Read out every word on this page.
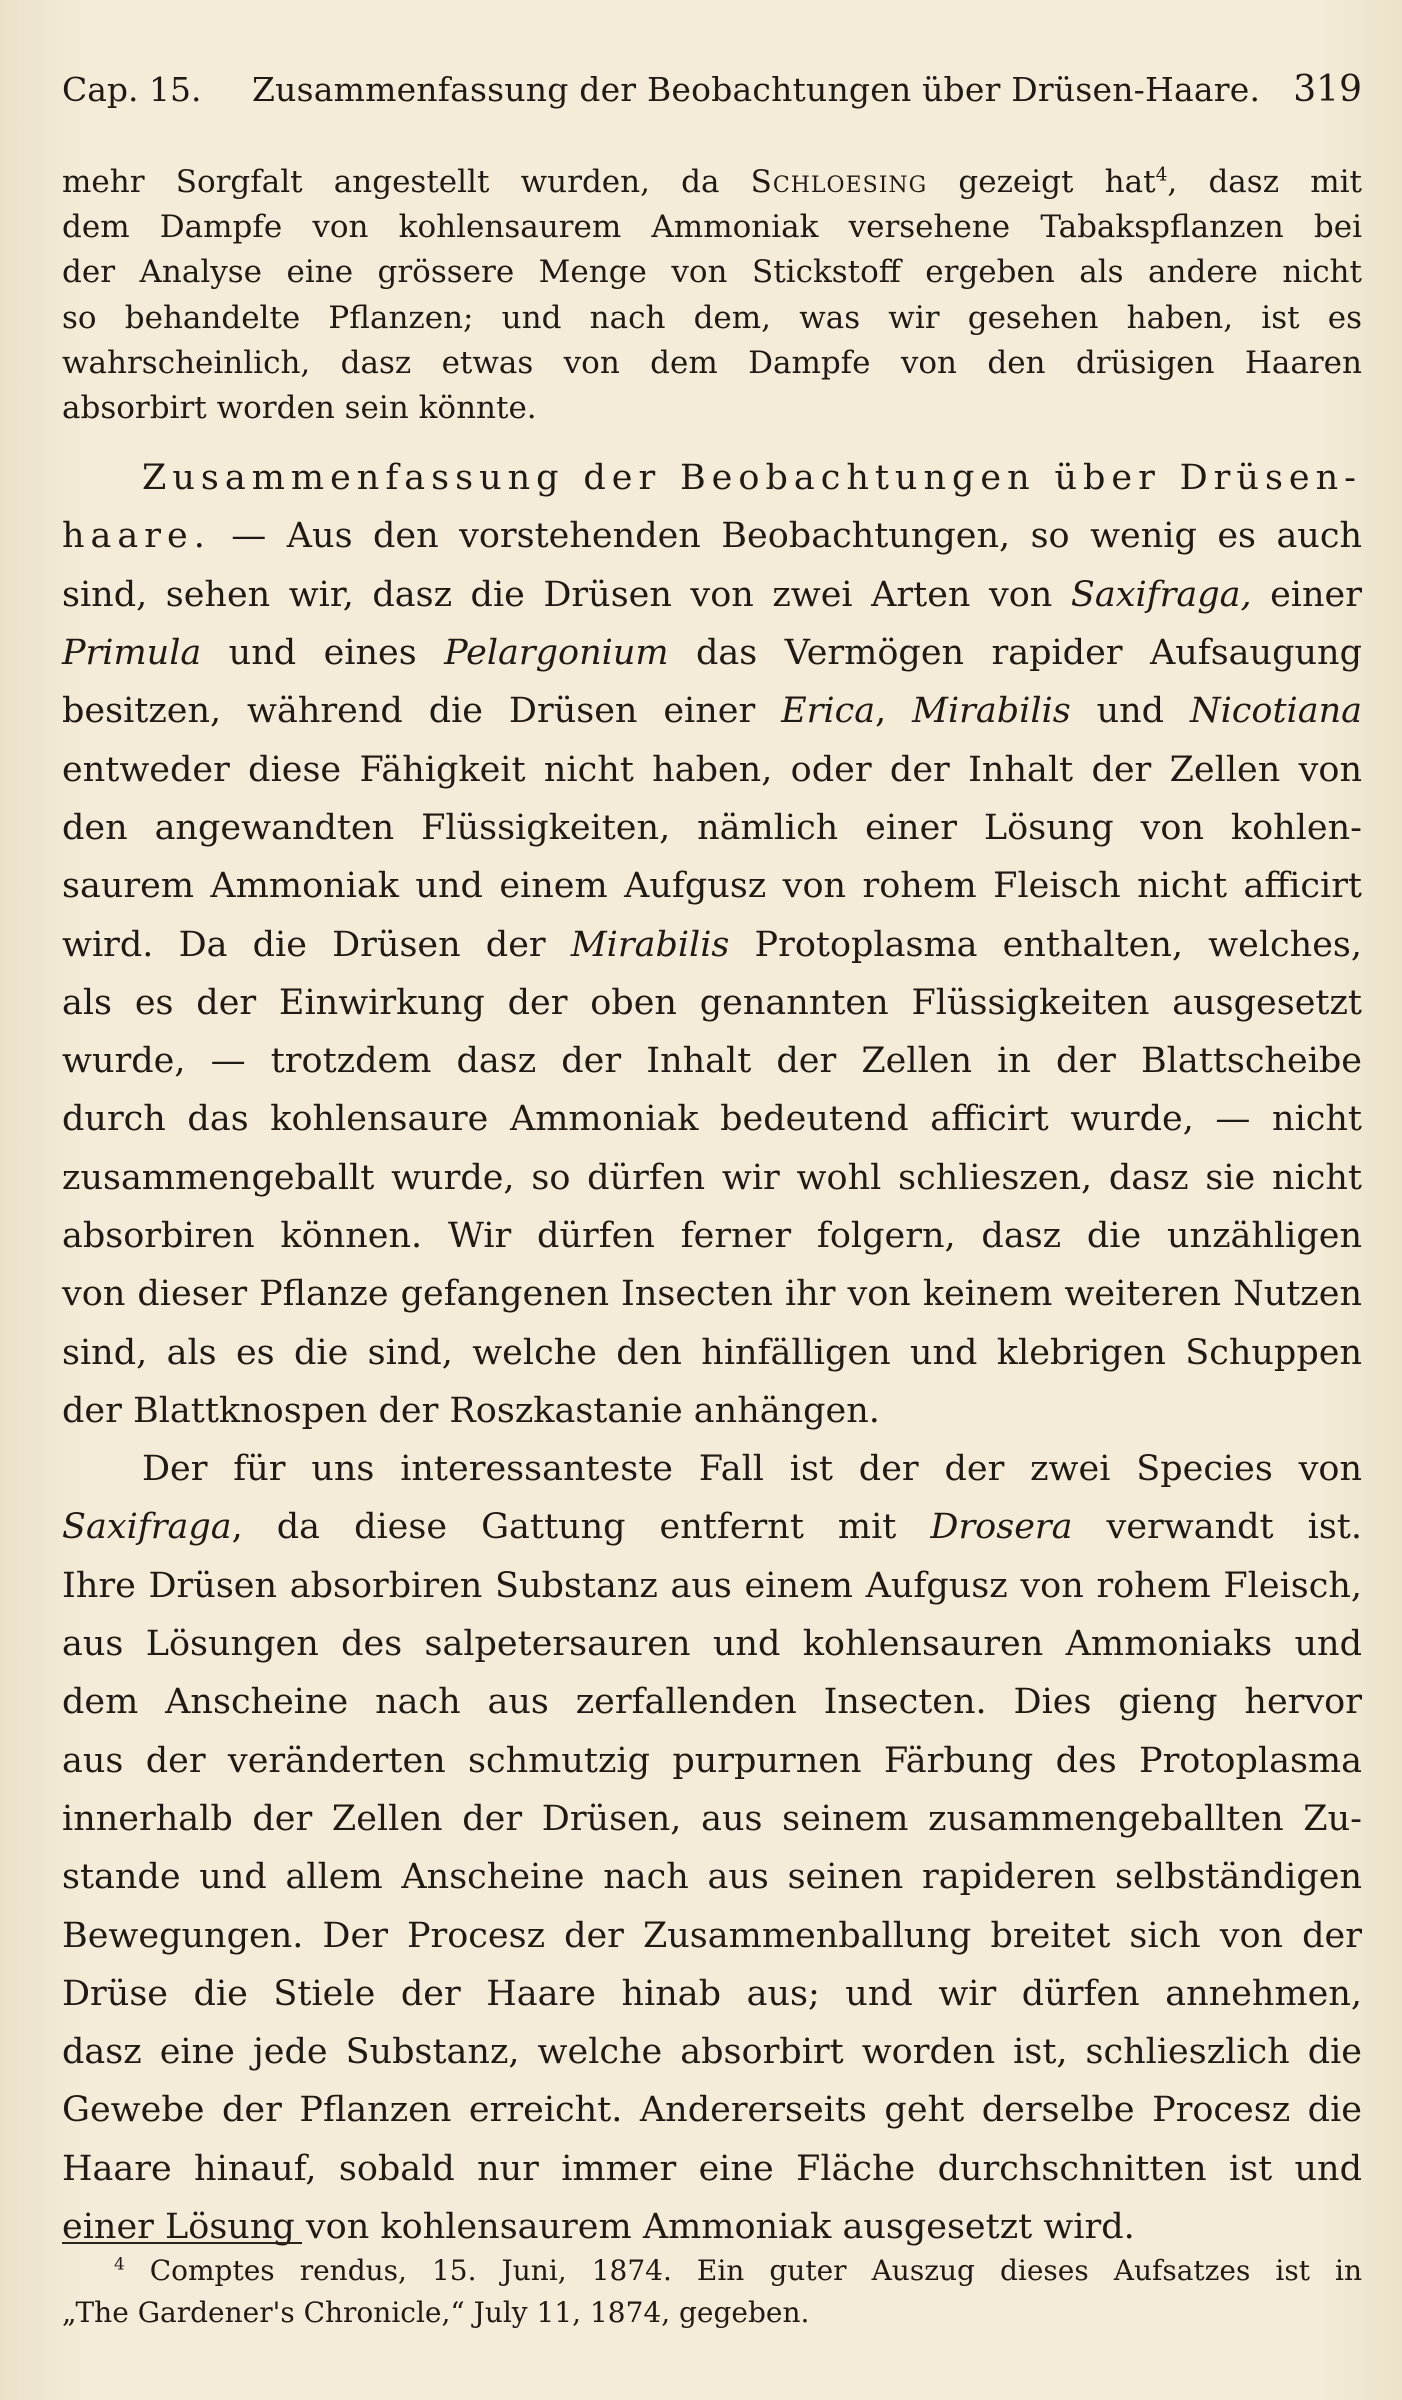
Cap. 15. Zusammenfassung der Beobachtungen über Drüsen-Haare. 319
mehr Sorgfalt angestellt wurden, da Schloesing gezeigt hat$^4$, dasz mit
dem Dampfe von kohlensaurem Ammoniak versehene Tabakspflanzen bei
der Analyse eine grössere Menge von Stickstoff ergeben als andere nicht
so behandelte Pflanzen; und nach dem, was wir gesehen haben, ist es
wahrscheinlich, dasz etwas von dem Dampfe von den drüsigen Haaren
absorbirt worden sein könnte.
Zusammenfassung der Beobachtungen über Drüsen-
haare. — Aus den vorstehenden Beobachtungen, so wenig es auch
sind, sehen wir, dasz die Drüsen von zwei Arten von Saxifraga, einer
Primula und eines Pelargonium das Vermögen rapider Aufsaugung
besitzen, während die Drüsen einer Erica, Mirabilis und Nicotiana
entweder diese Fähigkeit nicht haben, oder der Inhalt der Zellen von
den angewandten Flüssigkeiten, nämlich einer Lösung von kohlen-
saurem Ammoniak und einem Aufgusz von rohem Fleisch nicht afficirt
wird. Da die Drüsen der Mirabilis Protoplasma enthalten, welches,
als es der Einwirkung der oben genannten Flüssigkeiten ausgesetzt
wurde, — trotzdem dasz der Inhalt der Zellen in der Blattscheibe
durch das kohlensaure Ammoniak bedeutend afficirt wurde, — nicht
zusammengeballt wurde, so dürfen wir wohl schlieszen, dasz sie nicht
absorbiren können. Wir dürfen ferner folgern, dasz die unzähligen
von dieser Pflanze gefangenen Insecten ihr von keinem weiteren Nutzen
sind, als es die sind, welche den hinfälligen und klebrigen Schuppen
der Blattknospen der Roszkastanie anhängen.
Der für uns interessanteste Fall ist der der zwei Species von
Saxifraga, da diese Gattung entfernt mit Drosera verwandt ist.
Ihre Drüsen absorbiren Substanz aus einem Aufgusz von rohem Fleisch,
aus Lösungen des salpetersauren und kohlensauren Ammoniaks und
dem Anscheine nach aus zerfallenden Insecten. Dies gieng hervor
aus der veränderten schmutzig purpurnen Färbung des Protoplasma
innerhalb der Zellen der Drüsen, aus seinem zusammengeballten Zu-
stande und allem Anscheine nach aus seinen rapideren selbständigen
Bewegungen. Der Procesz der Zusammenballung breitet sich von der
Drüse die Stiele der Haare hinab aus; und wir dürfen annehmen,
dasz eine jede Substanz, welche absorbirt worden ist, schlieszlich die
Gewebe der Pflanzen erreicht. Andererseits geht derselbe Procesz die
Haare hinauf, sobald nur immer eine Fläche durchschnitten ist und
einer Lösung von kohlensaurem Ammoniak ausgesetzt wird.
$^4$ Comptes rendus, 15. Juni, 1874. Ein guter Auszug dieses Aufsatzes ist in
„The Gardener's Chronicle,“ July 11, 1874, gegeben.
